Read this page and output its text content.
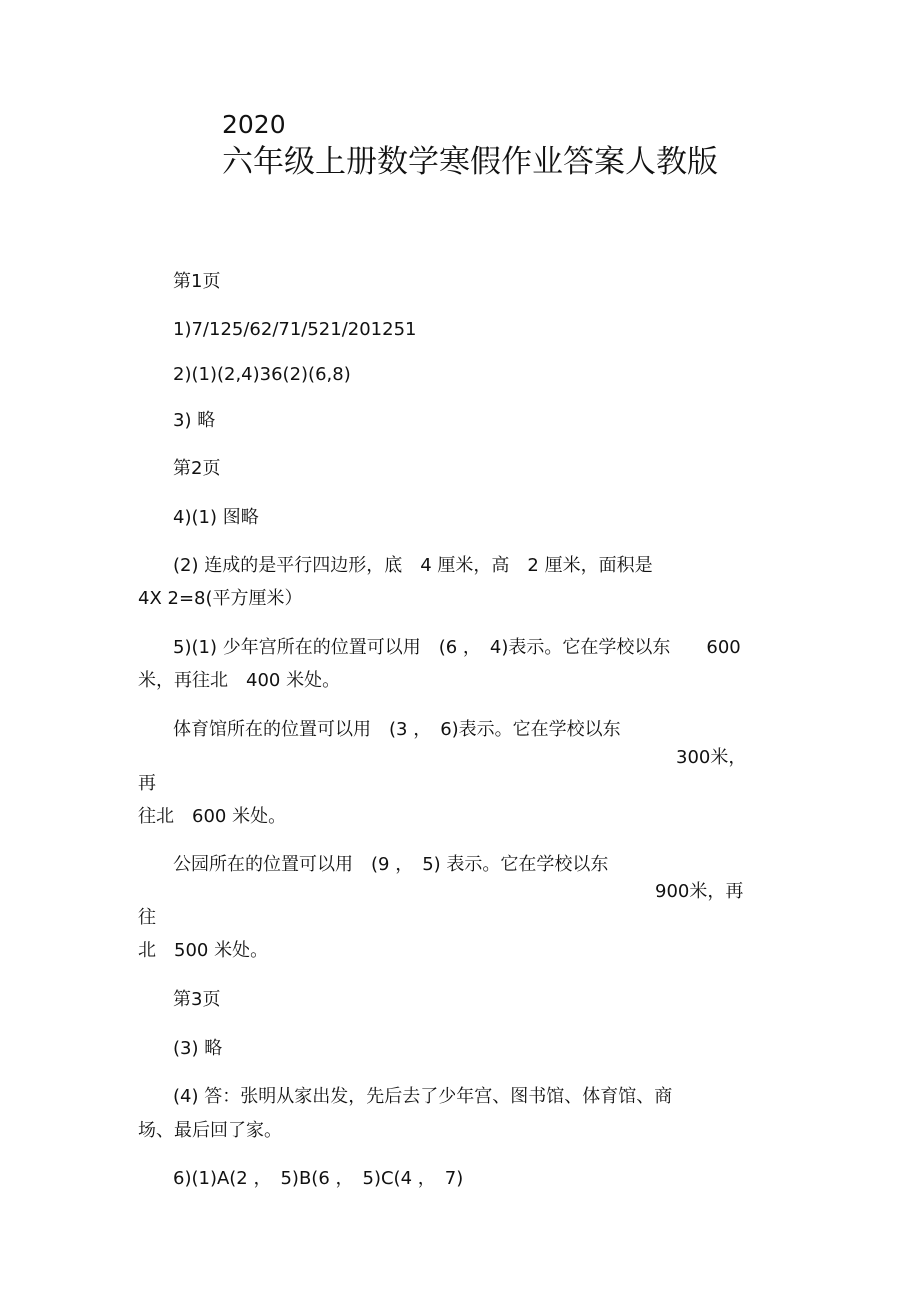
2020
六年级上册数学寒假作业答案人教版
第1页
1)7/125/62/71/521/201251
2)(1)(2,4)36(2)(6,8)
3) 略
第2页
4)(1) 图略
(2) 连成的是平行四边形，底　4 厘米，高　2 厘米，面积是
4X 2=8(平方厘米）
5)(1) 少年宫所在的位置可以用　(6 ，　4)表示。它在学校以东　　600
米，再往北　400 米处。
体育馆所在的位置可以用　(3 ，　6)表示。它在学校以东
300米，
再
往北　600 米处。
公园所在的位置可以用　(9 ，　5) 表示。它在学校以东
900米，再
往
北　500 米处。
第3页
(3) 略
(4) 答：张明从家出发，先后去了少年宫、图书馆、体育馆、商
场、最后回了家。
6)(1)A(2 ，　5)B(6 ，　5)C(4 ，　7)
